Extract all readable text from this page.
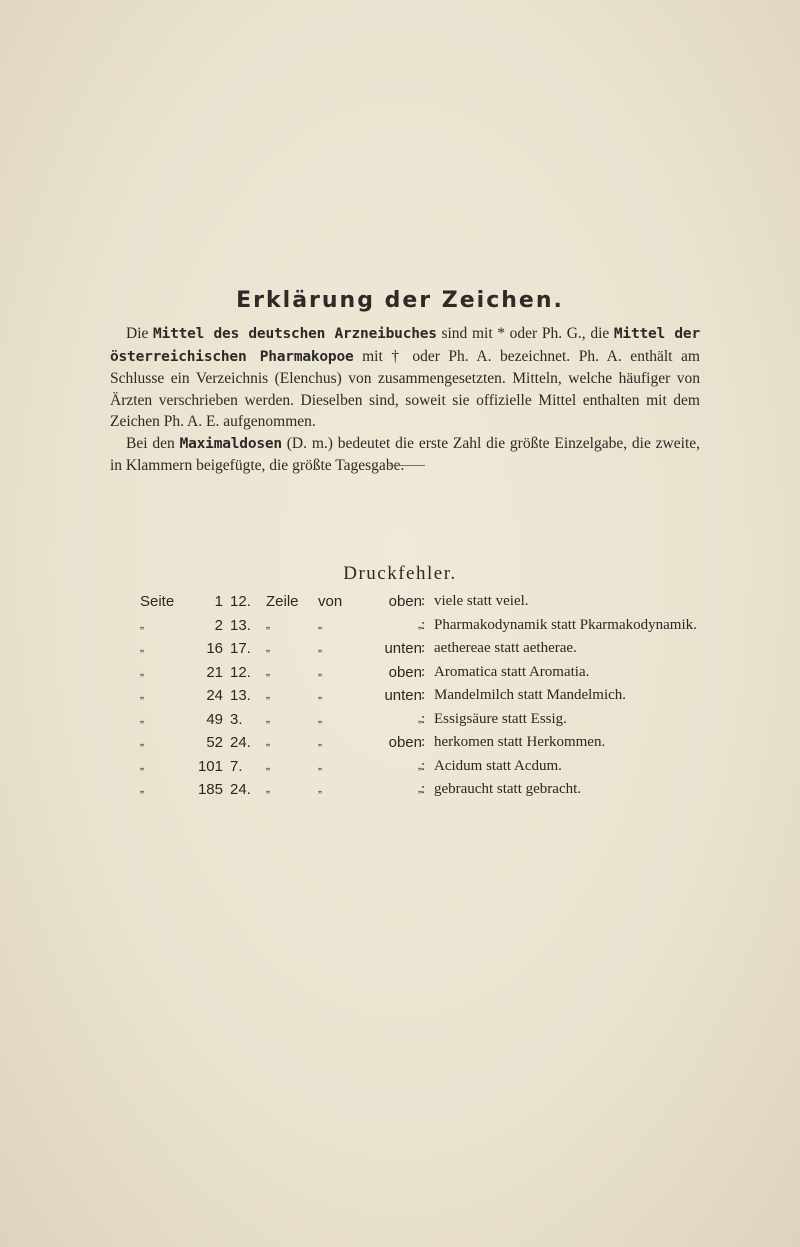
Erklärung der Zeichen.

Die Mittel des deutschen Arzneibuches sind mit * oder Ph. G., die Mittel der österreichischen Pharmakopoe mit † oder Ph. A. bezeichnet. Ph. A. enthält am Schlusse ein Verzeichnis (Elenchus) von zusammengesetzten. Mitteln, welche häufiger von Ärzten verschrieben werden. Dieselben sind, soweit sie offizielle Mittel enthalten mit dem Zeichen Ph. A. E. aufgenommen.

Bei den Maximaldosen (D. m.) bedeutet die erste Zahl die größte Einzelgabe, die zweite, in Klammern beigefügte, die größte Tagesgabe.

Druckfehler.
Seite	1 12.	Zeile	von	oben : viele statt veiel.
„	2 13.	„	„	„ : Pharmakodynamik statt Pkarmakodynamik.
„	16 17.	„	„	unten : aethereae statt aetherae.
„	21 12.	„	„	oben : Aromatica statt Aromatia.
„	24 13.	„	„	unten : Mandelmilch statt Mandelmich.
„	49 3.	„	„	„ : Essigsäure statt Essig.
„	52 24.	„	„	oben : herkomen statt Herkommen.
„	101 7.	„	„	„ : Acidum statt Acdum.
„	185 24.	„	„	„ : gebraucht statt gebracht.
